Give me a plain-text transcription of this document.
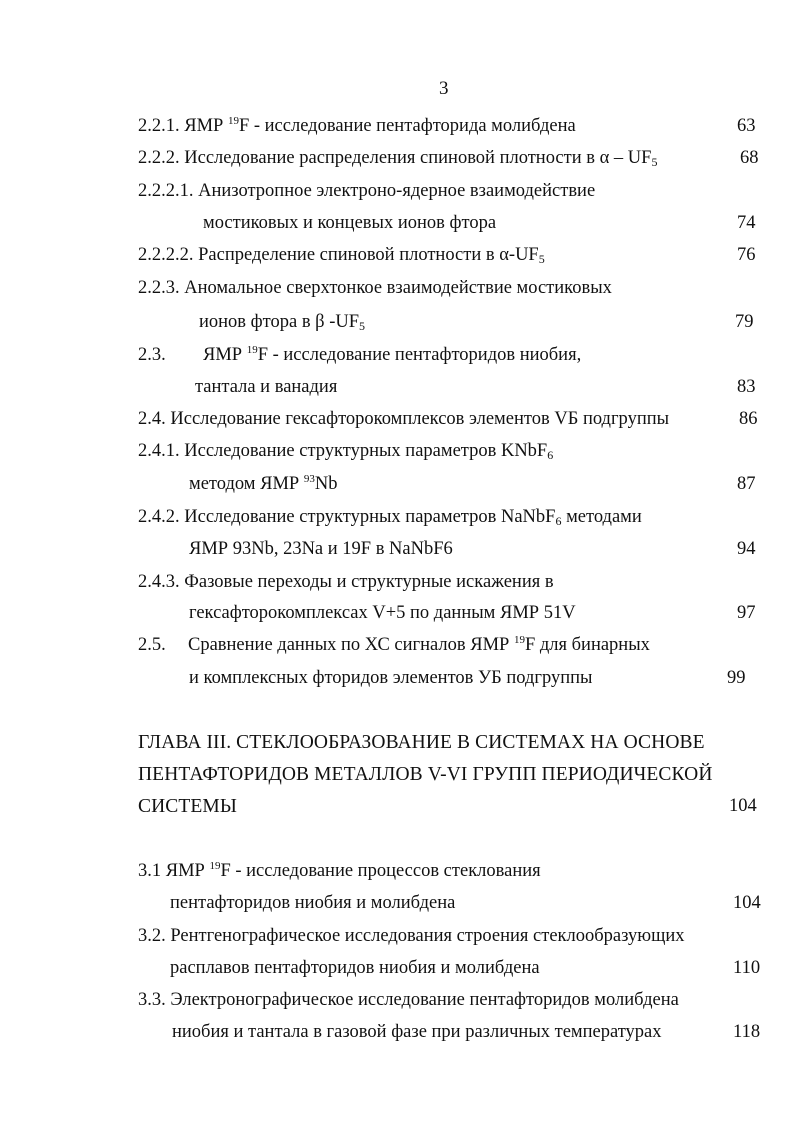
3
2.2.1. ЯМР $^{19}$F - исследование пентафторида молибдена	63
2.2.2. Исследование распределения спиновой плотности в α – $UF_5$	68
2.2.2.1. Анизотропное электроно-ядерное взаимодействие
мостиковых и концевых ионов фтора	74
2.2.2.2. Распределение спиновой плотности в $\alpha-UF_5$	76
2.2.3. Аномальное сверхтонкое взаимодействие мостиковых
ионов фтора в β $-UF_5$	79
2.3. ЯМР $^{19}$F - исследование пентафторидов ниобия,
тантала и ванадия	83
2.4. Исследование гексафторокомплексов элементов VБ подгруппы	86
2.4.1. Исследование структурных параметров KNbF$_6$
методом ЯМР $^{93}$Nb	87
2.4.2. Исследование структурных параметров NaNbF$_6$ методами
ЯМР 93Nb, 23Na и 19F в NaNbF6	94
2.4.3. Фазовые переходы и структурные искажения в
гексафторокомплексах V+5 по данным ЯМР 51V	97
2.5. Сравнение данных по ХС сигналов ЯМР $^{19}$F для бинарных
и комплексных фторидов элементов УБ подгруппы	99
ГЛАВА III. СТЕКЛООБРАЗОВАНИЕ В СИСТЕМАХ НА ОСНОВЕ
ПЕНТАФТОРИДОВ МЕТАЛЛОВ V-VI ГРУПП ПЕРИОДИЧЕСКОЙ
СИСТЕМЫ	104
3.1 ЯМР $^{19}$F - исследование процессов стеклования
пентафторидов ниобия и молибдена	104
3.2. Рентгенографическое исследования строения стеклообразующих
расплавов пентафторидов ниобия и молибдена	110
3.3. Электронографическое исследование пентафторидов молибдена
ниобия и тантала в газовой фазе при различных температурах	118
